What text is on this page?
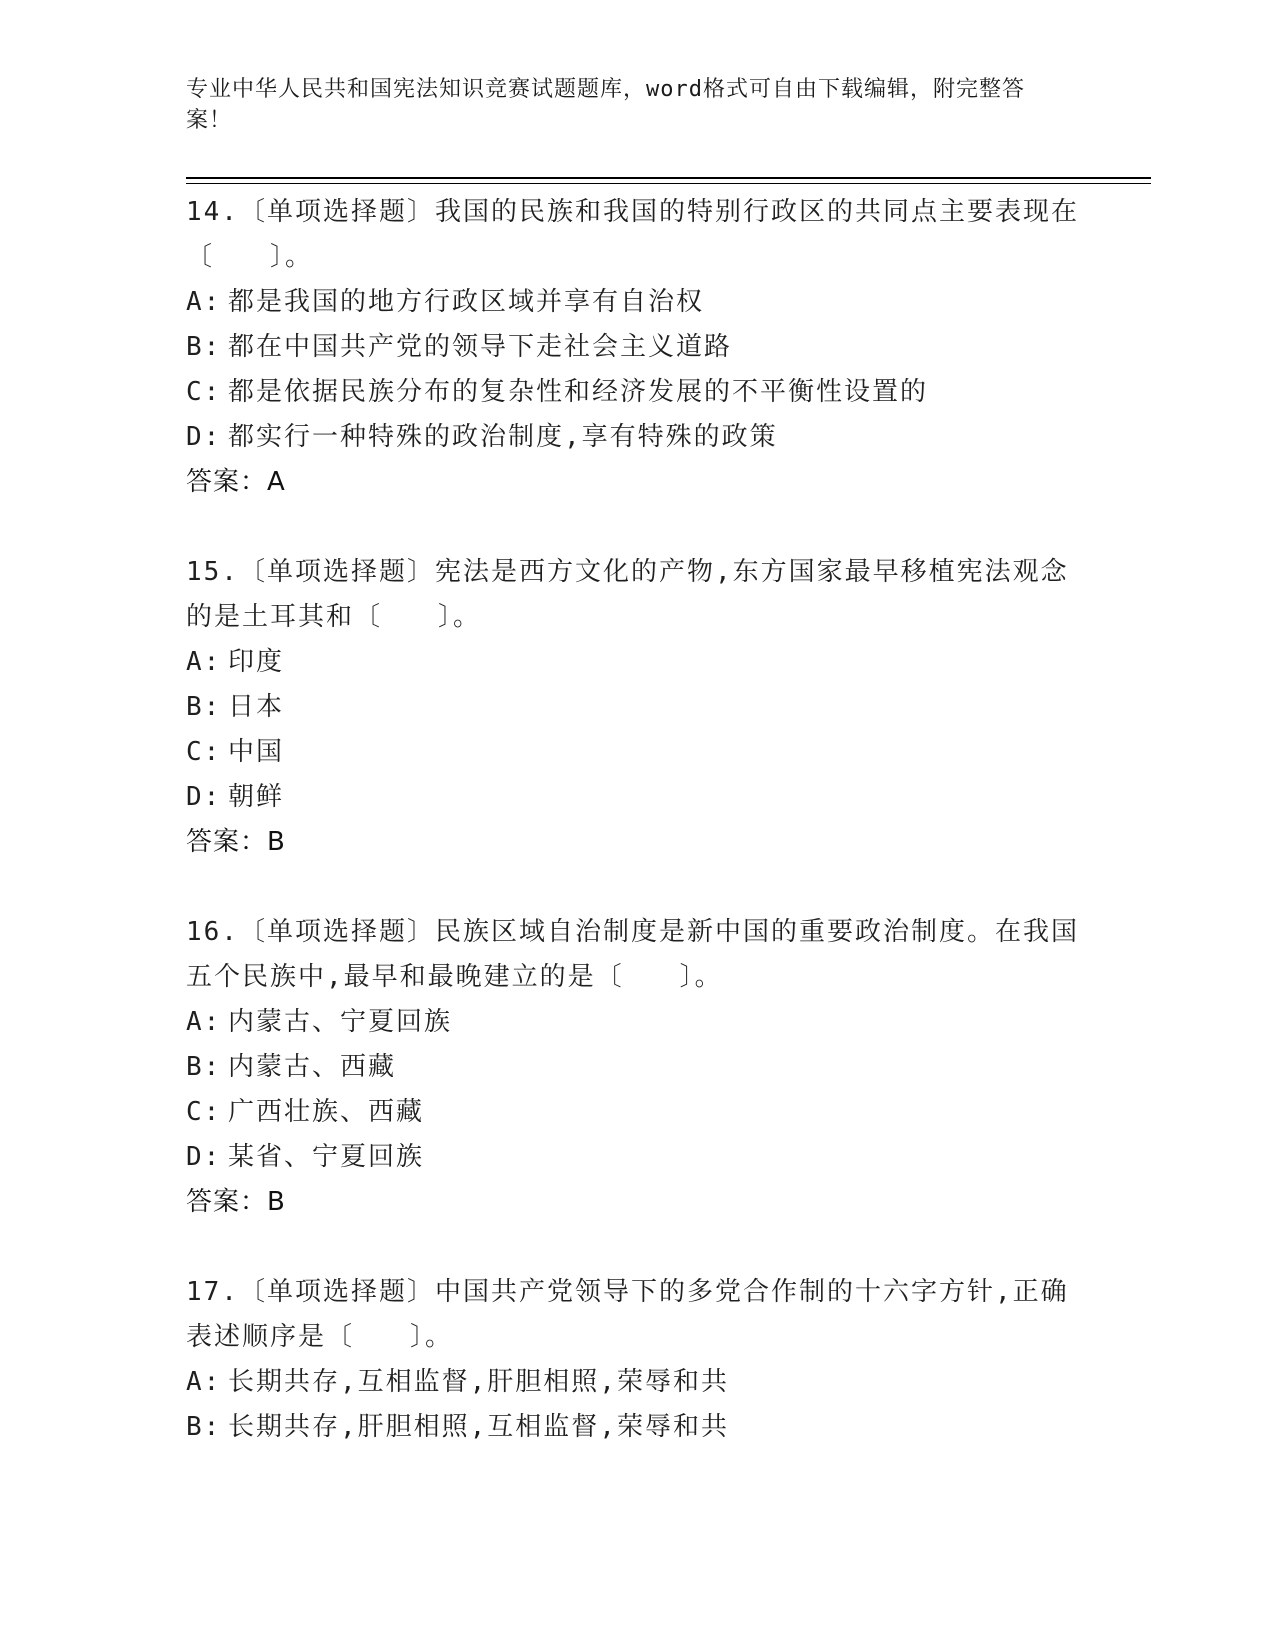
专业中华人民共和国宪法知识竞赛试题题库，word格式可自由下载编辑，附完整答案！

14.〔单项选择题〕我国的民族和我国的特别行政区的共同点主要表现在〔　　〕。

A: 都是我国的地方行政区域并享有自治权

B: 都在中国共产党的领导下走社会主义道路

C: 都是依据民族分布的复杂性和经济发展的不平衡性设置的

D: 都实行一种特殊的政治制度,享有特殊的政策

答案：A

15.〔单项选择题〕宪法是西方文化的产物,东方国家最早移植宪法观念的是土耳其和〔　　〕。

A: 印度

B: 日本

C: 中国

D: 朝鲜

答案：B

16.〔单项选择题〕民族区域自治制度是新中国的重要政治制度。在我国五个民族中,最早和最晚建立的是〔　　〕。

A: 内蒙古、宁夏回族

B: 内蒙古、西藏

C: 广西壮族、西藏

D: 某省、宁夏回族

答案：B

17.〔单项选择题〕中国共产党领导下的多党合作制的十六字方针,正确表述顺序是〔　　〕。

A: 长期共存,互相监督,肝胆相照,荣辱和共

B: 长期共存,肝胆相照,互相监督,荣辱和共
